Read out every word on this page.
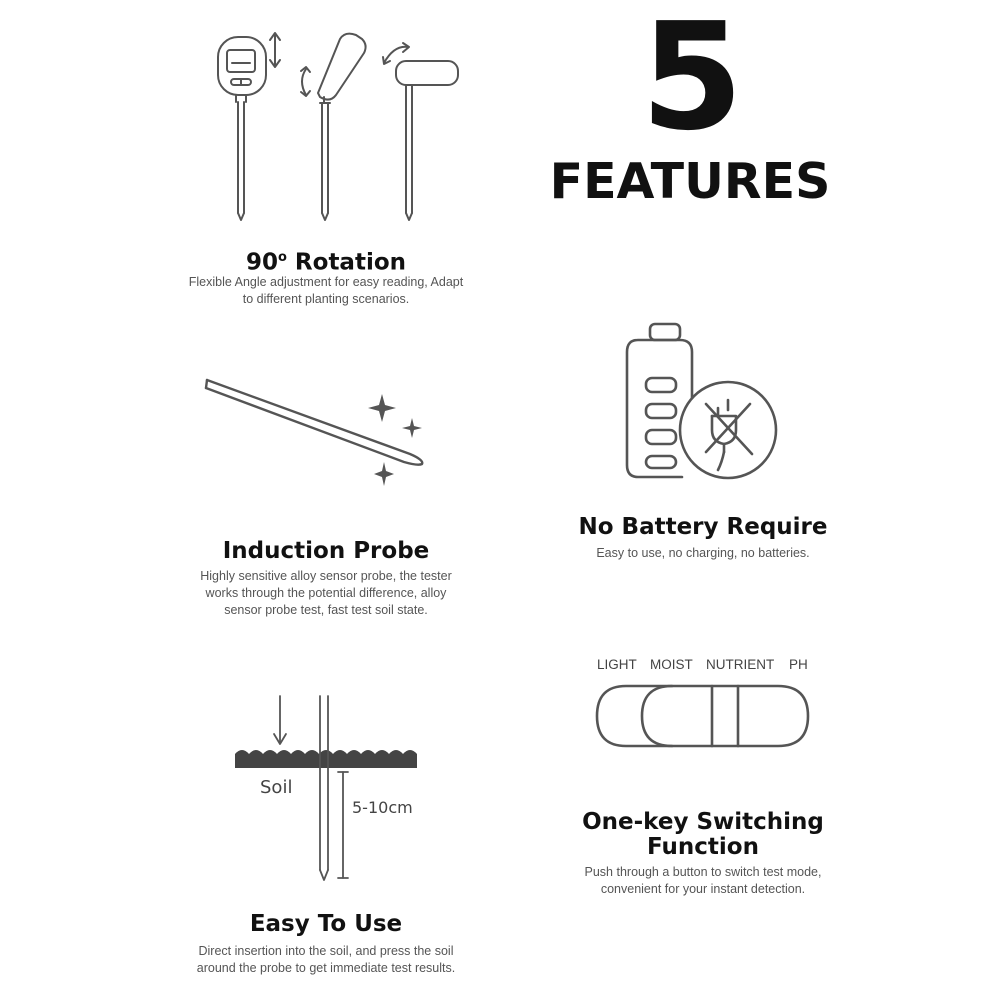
5
FEATURES
90$^o$ Rotation
Flexible Angle adjustment for easy reading, Adapt
to different planting scenarios.
No Battery Require
Easy to use, no charging, no batteries.
Induction Probe
Highly sensitive alloy sensor probe, the tester
works through the potential difference, alloy
sensor probe test, fast test soil state.
LIGHT MOIST NUTRIENT PH
One-key Switching
Function
Push through a button to switch test mode,
convenient for your instant detection.
Soil
5-10cm
Easy To Use
Direct insertion into the soil, and press the soil
around the probe to get immediate test results.
